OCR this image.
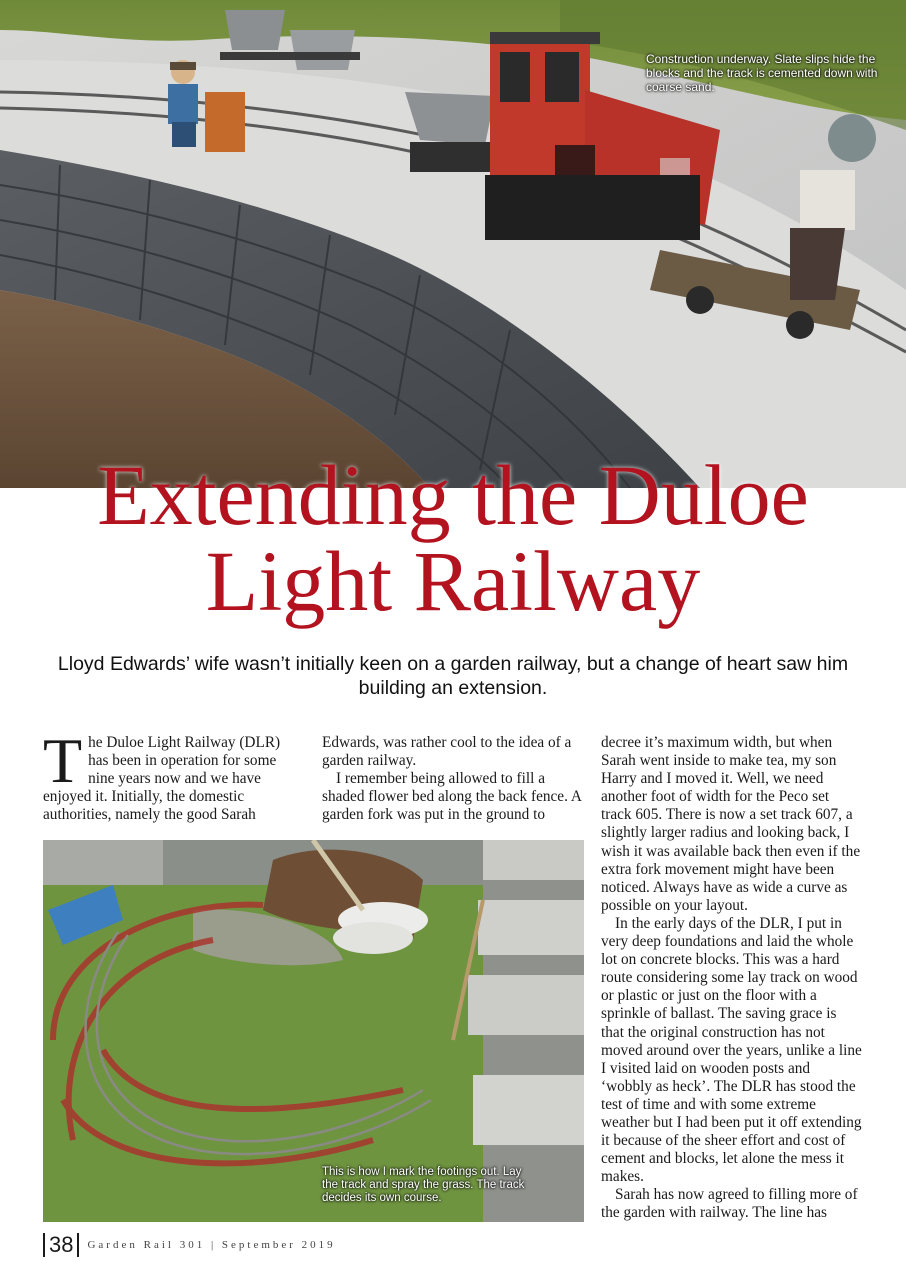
Construction underway. Slate slips hide the blocks and the track is cemented down with coarse sand.
Extending the Duloe
Light Railway
Lloyd Edwards’ wife wasn’t initially keen on a garden railway, but a change of heart saw him building an extension.

The Duloe Light Railway (DLR) has been in operation for some nine years now and we have enjoyed it. Initially, the domestic authorities, namely the good Sarah

Edwards, was rather cool to the idea of a garden railway.

I remember being allowed to fill a shaded flower bed along the back fence. A garden fork was put in the ground to

decree it’s maximum width, but when Sarah went inside to make tea, my son Harry and I moved it. Well, we need another foot of width for the Peco set track 605. There is now a set track 607, a slightly larger radius and looking back, I wish it was available back then even if the extra fork movement might have been noticed. Always have as wide a curve as possible on your layout.

In the early days of the DLR, I put in very deep foundations and laid the whole lot on concrete blocks. This was a hard route considering some lay track on wood or plastic or just on the floor with a sprinkle of ballast. The saving grace is that the original construction has not moved around over the years, unlike a line I visited laid on wooden posts and ‘wobbly as heck’. The DLR has stood the test of time and with some extreme weather but I had been put it off extending it because of the sheer effort and cost of cement and blocks, let alone the mess it makes.

Sarah has now agreed to filling more of the garden with railway. The line has

This is how I mark the footings out. Lay the track and spray the grass. The track decides its own course.
38	Garden Rail 301 | September 2019
